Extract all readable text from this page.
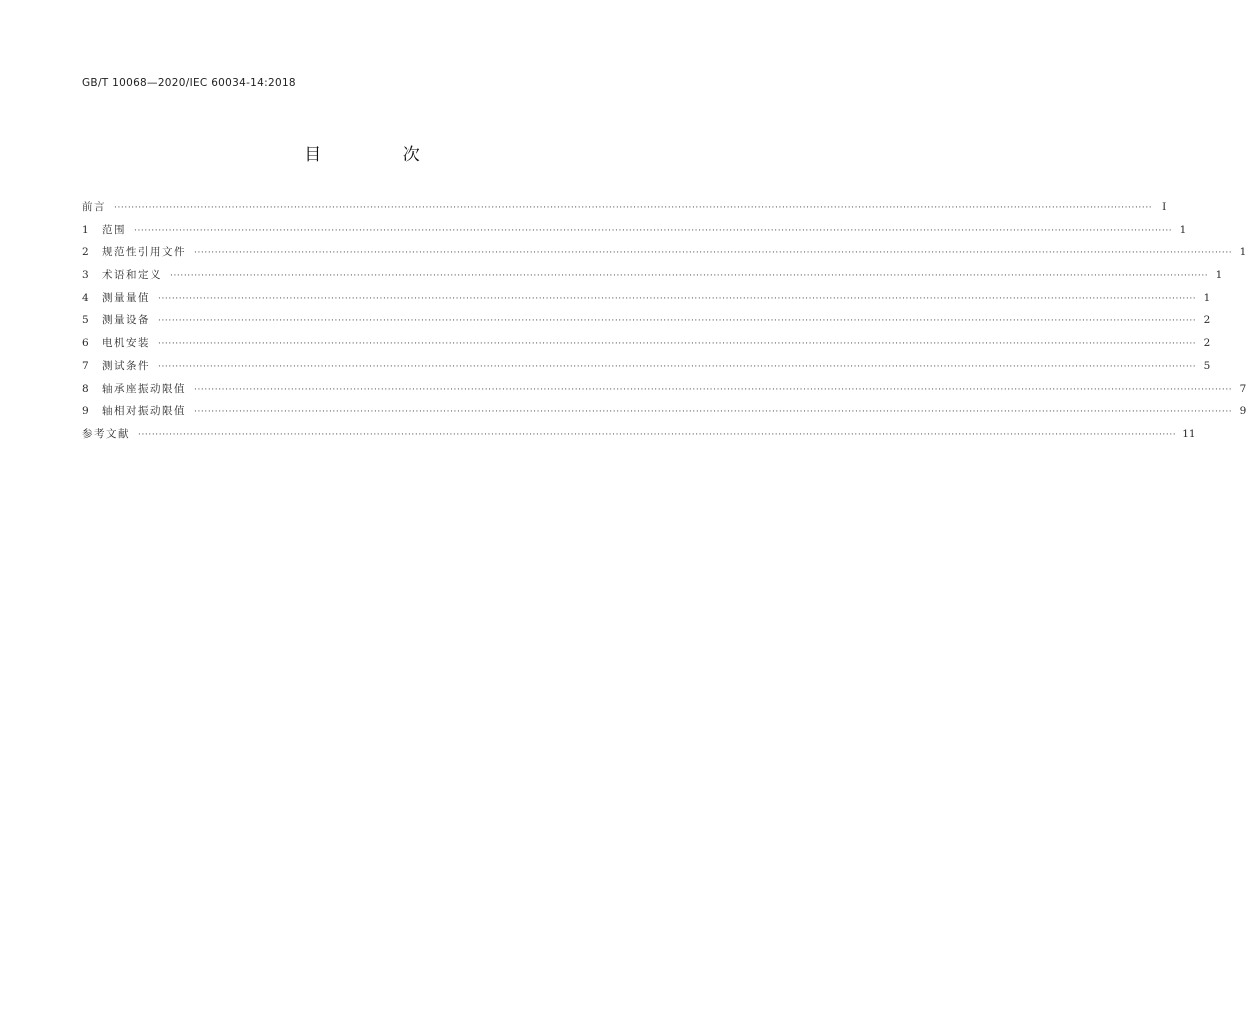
GB/T 10068—2020/IEC 60034-14:2018
目 次
前言 ············································································································································································································································································································ Ⅰ
1	范围 ············································································································································································································································································································ 1
2	规范性引用文件 ············································································································································································································································································································ 1
3	术语和定义 ············································································································································································································································································································ 1
4	测量量值 ············································································································································································································································································································ 1
5	测量设备 ············································································································································································································································································································ 2
6	电机安装 ············································································································································································································································································································ 2
7	测试条件 ············································································································································································································································································································ 5
8	轴承座振动限值 ············································································································································································································································································································ 7
9	轴相对振动限值 ············································································································································································································································································································ 9
参考文献 ············································································································································································································································································································ 11
